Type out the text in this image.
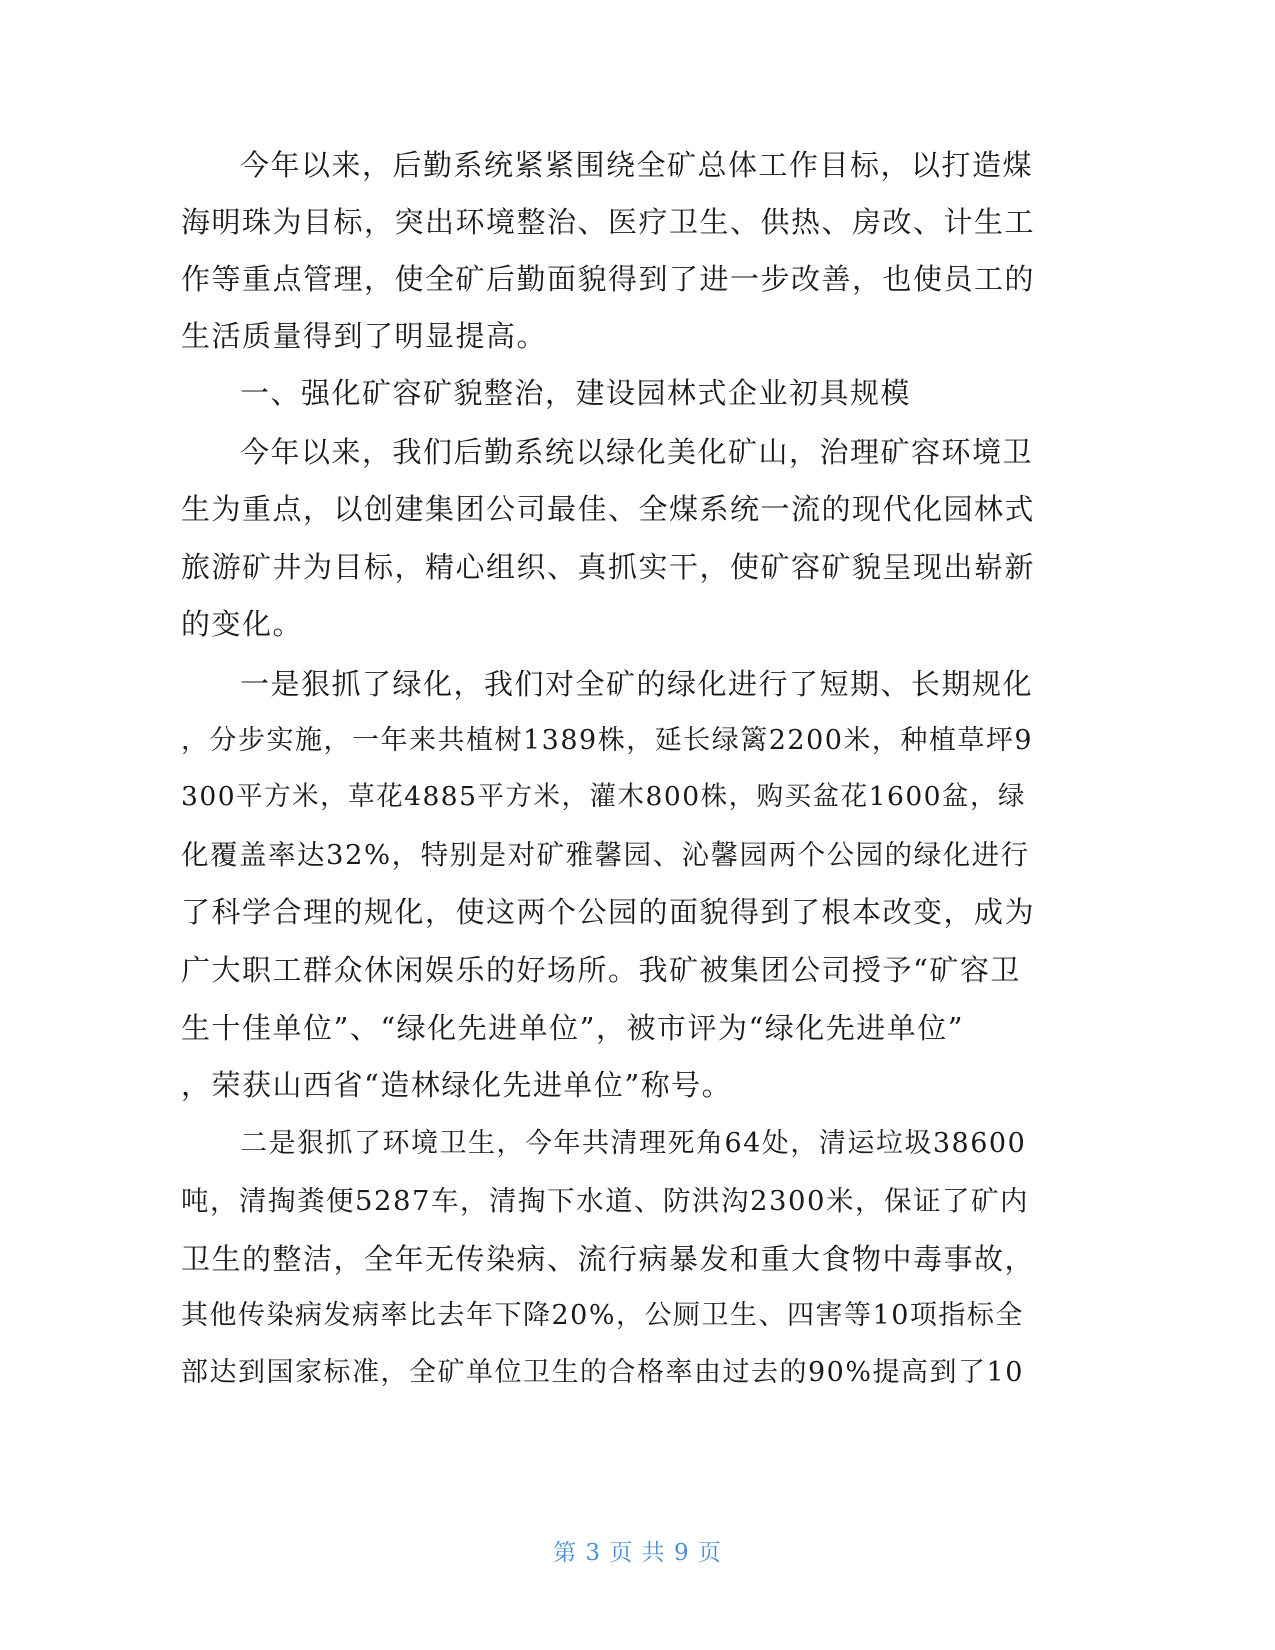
今年以来，后勤系统紧紧围绕全矿总体工作目标，以打造煤
海明珠为目标，突出环境整治、医疗卫生、供热、房改、计生工
作等重点管理，使全矿后勤面貌得到了进一步改善，也使员工的
生活质量得到了明显提高。
一、强化矿容矿貌整治，建设园林式企业初具规模
今年以来，我们后勤系统以绿化美化矿山，治理矿容环境卫
生为重点，以创建集团公司最佳、全煤系统一流的现代化园林式
旅游矿井为目标，精心组织、真抓实干，使矿容矿貌呈现出崭新
的变化。
一是狠抓了绿化，我们对全矿的绿化进行了短期、长期规化
，分步实施，一年来共植树1389株，延长绿篱2200米，种植草坪9
300平方米，草花4885平方米，灌木800株，购买盆花1600盆，绿
化覆盖率达32%，特别是对矿雅馨园、沁馨园两个公园的绿化进行
了科学合理的规化，使这两个公园的面貌得到了根本改变，成为
广大职工群众休闲娱乐的好场所。我矿被集团公司授予“矿容卫
生十佳单位”、“绿化先进单位”，被市评为“绿化先进单位”
，荣获山西省“造林绿化先进单位”称号。
二是狠抓了环境卫生，今年共清理死角64处，清运垃圾38600
吨，清掏粪便5287车，清掏下水道、防洪沟2300米，保证了矿内
卫生的整洁，全年无传染病、流行病暴发和重大食物中毒事故，
其他传染病发病率比去年下降20%，公厕卫生、四害等10项指标全
部达到国家标准，全矿单位卫生的合格率由过去的90%提高到了10
第 3 页 共 9 页
